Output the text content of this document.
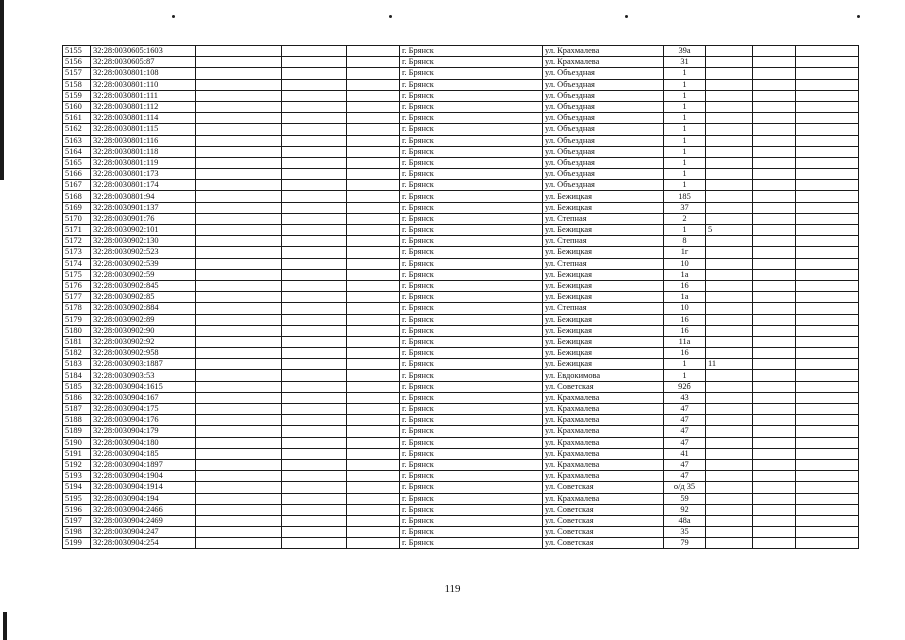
5155	32:28:0030605:1603				г. Брянск	ул. Крахмалева	39а			
5156	32:28:0030605:87				г. Брянск	ул. Крахмалева	31			
5157	32:28:0030801:108				г. Брянск	ул. Объездная	1			
5158	32:28:0030801:110				г. Брянск	ул. Объездная	1			
5159	32:28:0030801:111				г. Брянск	ул. Объездная	1			
5160	32:28:0030801:112				г. Брянск	ул. Объездная	1			
5161	32:28:0030801:114				г. Брянск	ул. Объездная	1			
5162	32:28:0030801:115				г. Брянск	ул. Объездная	1			
5163	32:28:0030801:116				г. Брянск	ул. Объездная	1			
5164	32:28:0030801:118				г. Брянск	ул. Объездная	1			
5165	32:28:0030801:119				г. Брянск	ул. Объездная	1			
5166	32:28:0030801:173				г. Брянск	ул. Объездная	1			
5167	32:28:0030801:174				г. Брянск	ул. Объездная	1			
5168	32:28:0030801:94				г. Брянск	ул. Бежицкая	185			
5169	32:28:0030901:137				г. Брянск	ул. Бежицкая	37			
5170	32:28:0030901:76				г. Брянск	ул. Степная	2			
5171	32:28:0030902:101				г. Брянск	ул. Бежицкая	1	5		
5172	32:28:0030902:130				г. Брянск	ул. Степная	8			
5173	32:28:0030902:523				г. Брянск	ул. Бежицкая	1г			
5174	32:28:0030902:539				г. Брянск	ул. Степная	10			
5175	32:28:0030902:59				г. Брянск	ул. Бежицкая	1а			
5176	32:28:0030902:845				г. Брянск	ул. Бежицкая	16			
5177	32:28:0030902:85				г. Брянск	ул. Бежицкая	1а			
5178	32:28:0030902:884				г. Брянск	ул. Степная	10			
5179	32:28:0030902:89				г. Брянск	ул. Бежицкая	16			
5180	32:28:0030902:90				г. Брянск	ул. Бежицкая	16			
5181	32:28:0030902:92				г. Брянск	ул. Бежицкая	11а			
5182	32:28:0030902:958				г. Брянск	ул. Бежицкая	16			
5183	32:28:0030903:1887				г. Брянск	ул. Бежицкая	1	11		
5184	32:28:0030903:53				г. Брянск	ул. Евдокимова	1			
5185	32:28:0030904:1615				г. Брянск	ул. Советская	92б			
5186	32:28:0030904:167				г. Брянск	ул. Крахмалева	43			
5187	32:28:0030904:175				г. Брянск	ул. Крахмалева	47			
5188	32:28:0030904:176				г. Брянск	ул. Крахмалева	47			
5189	32:28:0030904:179				г. Брянск	ул. Крахмалева	47			
5190	32:28:0030904:180				г. Брянск	ул. Крахмалева	47			
5191	32:28:0030904:185				г. Брянск	ул. Крахмалева	41			
5192	32:28:0030904:1897				г. Брянск	ул. Крахмалева	47			
5193	32:28:0030904:1904				г. Брянск	ул. Крахмалева	47			
5194	32:28:0030904:1914				г. Брянск	ул. Советская	о/д 35			
5195	32:28:0030904:194				г. Брянск	ул. Крахмалева	59			
5196	32:28:0030904:2466				г. Брянск	ул. Советская	92			
5197	32:28:0030904:2469				г. Брянск	ул. Советская	48а			
5198	32:28:0030904:247				г. Брянск	ул. Советская	35			
5199	32:28:0030904:254				г. Брянск	ул. Советская	79			
119
